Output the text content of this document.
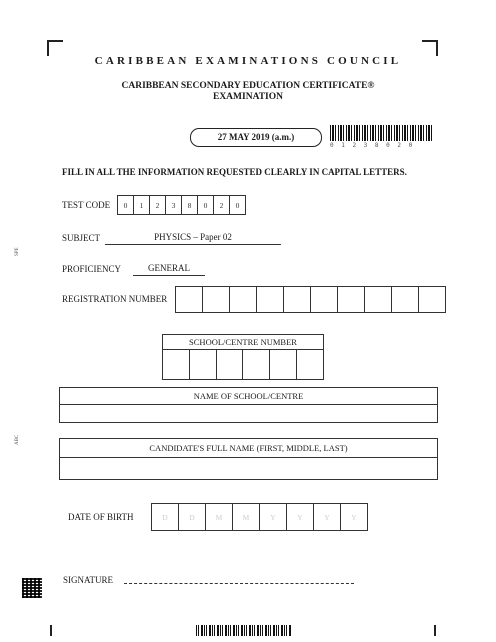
CARIBBEAN EXAMINATIONS COUNCIL
CARIBBEAN SECONDARY EDUCATION CERTIFICATE®
EXAMINATION
27 MAY 2019 (a.m.)
0 1 2 3 8 0 2 0
FILL IN ALL THE INFORMATION REQUESTED CLEARLY IN CAPITAL LETTERS.
TEST CODE	0	1	2	3	8	0	2	0
SUBJECT	PHYSICS – Paper 02
PROFICIENCY	GENERAL
REGISTRATION NUMBER
SCHOOL/CENTRE NUMBER
NAME OF SCHOOL/CENTRE
CANDIDATE'S FULL NAME (FIRST, MIDDLE, LAST)
DATE OF BIRTH	D	D	M	M	Y	Y	Y	Y
SIGNATURE
SPE
ABC
